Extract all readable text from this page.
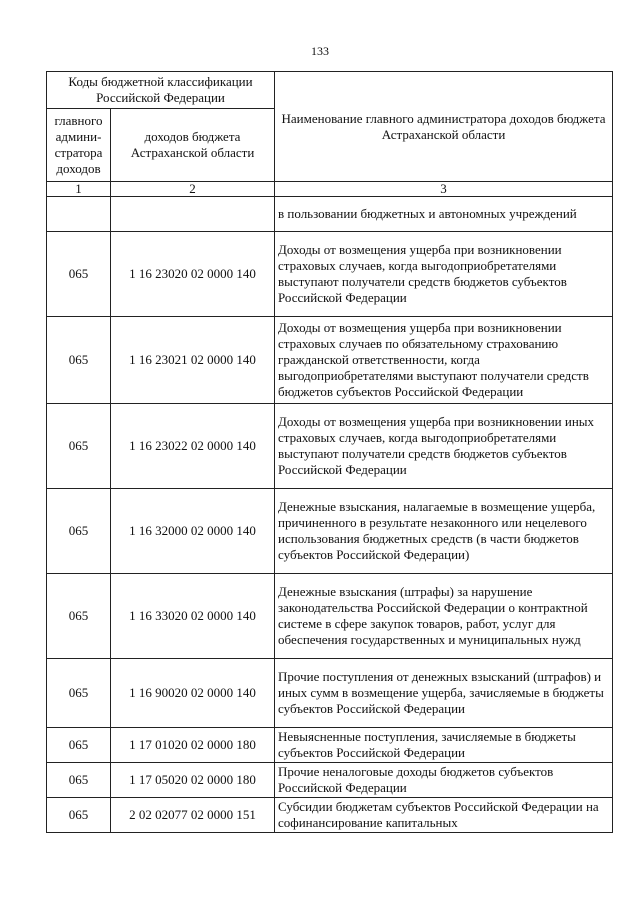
133
Коды бюджетной классификации Российской Федерации		Наименование главного администратора доходов бюджета Астраханской области
главного админи-стратора доходов	доходов бюджета Астраханской области	
1	2	3
		в пользовании бюджетных и автономных учреждений
065	1 16 23020 02 0000 140	Доходы от возмещения ущерба при возникновении страховых случаев, когда выгодоприобретателями выступают получатели средств бюджетов субъектов Российской Федерации
065	1 16 23021 02 0000 140	Доходы от возмещения ущерба при возникновении страховых случаев по обязательному страхованию гражданской ответственности, когда выгодоприобретателями выступают получатели средств бюджетов субъектов Российской Федерации
065	1 16 23022 02 0000 140	Доходы от возмещения ущерба при возникновении иных страховых случаев, когда выгодоприобретателями выступают получатели средств бюджетов субъектов Российской Федерации
065	1 16 32000 02 0000 140	Денежные взыскания, налагаемые в возмещение ущерба, причиненного в результате незаконного или нецелевого использования бюджетных средств (в части бюджетов субъектов Российской Федерации)
065	1 16 33020 02 0000 140	Денежные взыскания (штрафы) за нарушение законодательства Российской Федерации о контрактной системе в сфере закупок товаров, работ, услуг для обеспечения государственных и муниципальных нужд
065	1 16 90020 02 0000 140	Прочие поступления от денежных взысканий (штрафов) и иных сумм в возмещение ущерба, зачисляемые в бюджеты субъектов Российской Федерации
065	1 17 01020 02 0000 180	Невыясненные поступления, зачисляемые в бюджеты субъектов Российской Федерации
065	1 17 05020 02 0000 180	Прочие неналоговые доходы бюджетов субъектов Российской Федерации
065	2 02 02077 02 0000 151	Субсидии бюджетам субъектов Российской Федерации на софинансирование капитальных
